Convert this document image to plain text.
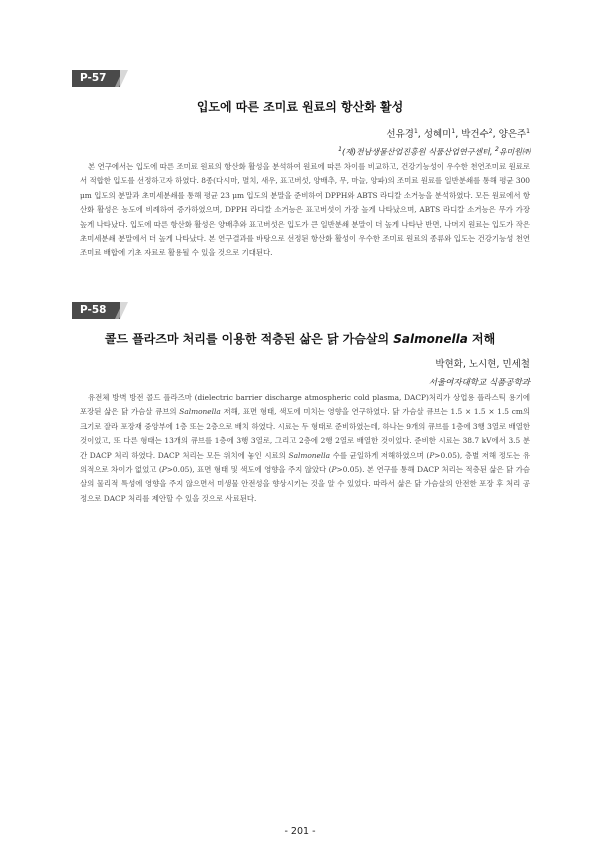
P-57
입도에 따른 조미료 원료의 항산화 활성
선유경$^1$, 성혜미$^1$, 박건수$^2$, 양은주$^1$
$^1$(재)전남생물산업진흥원 식품산업연구센터, $^2$유미원㈜

본 연구에서는 입도에 따른 조미료 원료의 항산화 활성을 분석하여 원료에 따른 차이를 비교하고, 건강기능성이 우수한 천연조미료 원료로서 적합한 입도를 선정하고자 하였다. 8종(다시마, 멸치, 새우, 표고버섯, 양배추, 무, 마늘, 양파)의 조미료 원료를 일반분쇄를 통해 평균 300 μm 입도의 분말과 초미세분쇄를 통해 평균 23 μm 입도의 분말을 준비하여 DPPH와 ABTS 라디칼 소거능을 분석하였다. 모든 원료에서 항산화 활성은 농도에 비례하여 증가하였으며, DPPH 라디칼 소거능은 표고버섯이 가장 높게 나타났으며, ABTS 라디칼 소거능은 무가 가장 높게 나타났다. 입도에 따른 항산화 활성은 양배추와 표고버섯은 입도가 큰 일반분쇄 분말이 더 높게 나타난 반면, 나머지 원료는 입도가 작은 초미세분쇄 분말에서 더 높게 나타났다. 본 연구결과를 바탕으로 선정된 항산화 활성이 우수한 조미료 원료의 종류와 입도는 건강기능성 천연조미료 배합에 기초 자료로 활용될 수 있을 것으로 기대된다.

P-58
콜드 플라즈마 처리를 이용한 적층된 삶은 닭 가슴살의 Salmonella 저해
박현화, 노시현, 민세철
서울여자대학교 식품공학과

유전체 방벽 방전 콜드 플라즈마 (dielectric barrier discharge atmospheric cold plasma, DACP)처리가 상업용 플라스틱 용기에 포장된 삶은 닭 가슴살 큐브의 Salmonella 저해, 표면 형태, 색도에 미치는 영향을 연구하였다. 닭 가슴살 큐브는 1.5 × 1.5 × 1.5 cm의 크기로 잘라 포장재 중앙부에 1층 또는 2층으로 배치 하였다. 시료는 두 형태로 준비하였는데, 하나는 9개의 큐브를 1층에 3행 3열로 배열한 것이었고, 또 다른 형태는 13개의 큐브를 1층에 3행 3열로, 그리고 2층에 2행 2열로 배열한 것이었다. 준비한 시료는 38.7 kV에서 3.5 분간 DACP 처리 하였다. DACP 처리는 모든 위치에 놓인 시료의 Salmonella 수를 균일하게 저해하였으며 (P>0.05), 층별 저해 정도는 유의적으로 차이가 없었고 (P>0.05), 표면 형태 및 색도에 영향을 주지 않았다 (P>0.05). 본 연구를 통해 DACP 처리는 적층된 삶은 닭 가슴살의 물리적 특성에 영향을 주지 않으면서 미생물 안전성을 향상시키는 것을 알 수 있었다. 따라서 삶은 닭 가슴살의 안전한 포장 후 처리 공정으로 DACP 처리를 제안할 수 있을 것으로 사료된다.

- 201 -
